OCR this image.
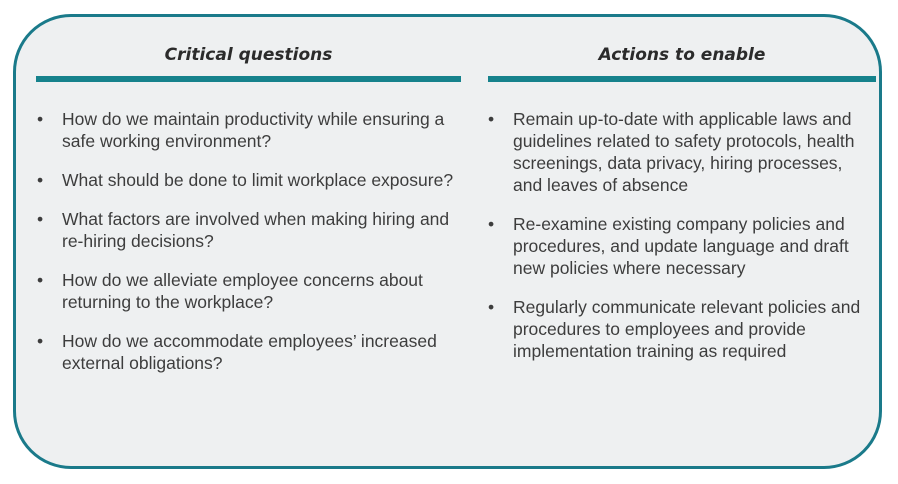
Critical questions	Actions to enable
• How do we maintain productivity while ensuring a safe working environment?
• What should be done to limit workplace exposure?
• What factors are involved when making hiring and re-hiring decisions?
• How do we alleviate employee concerns about returning to the workplace?
• How do we accommodate employees’ increased external obligations?
• Remain up-to-date with applicable laws and guidelines related to safety protocols, health screenings, data privacy, hiring processes, and leaves of absence
• Re-examine existing company policies and procedures, and update language and draft new policies where necessary
• Regularly communicate relevant policies and procedures to employees and provide implementation training as required
